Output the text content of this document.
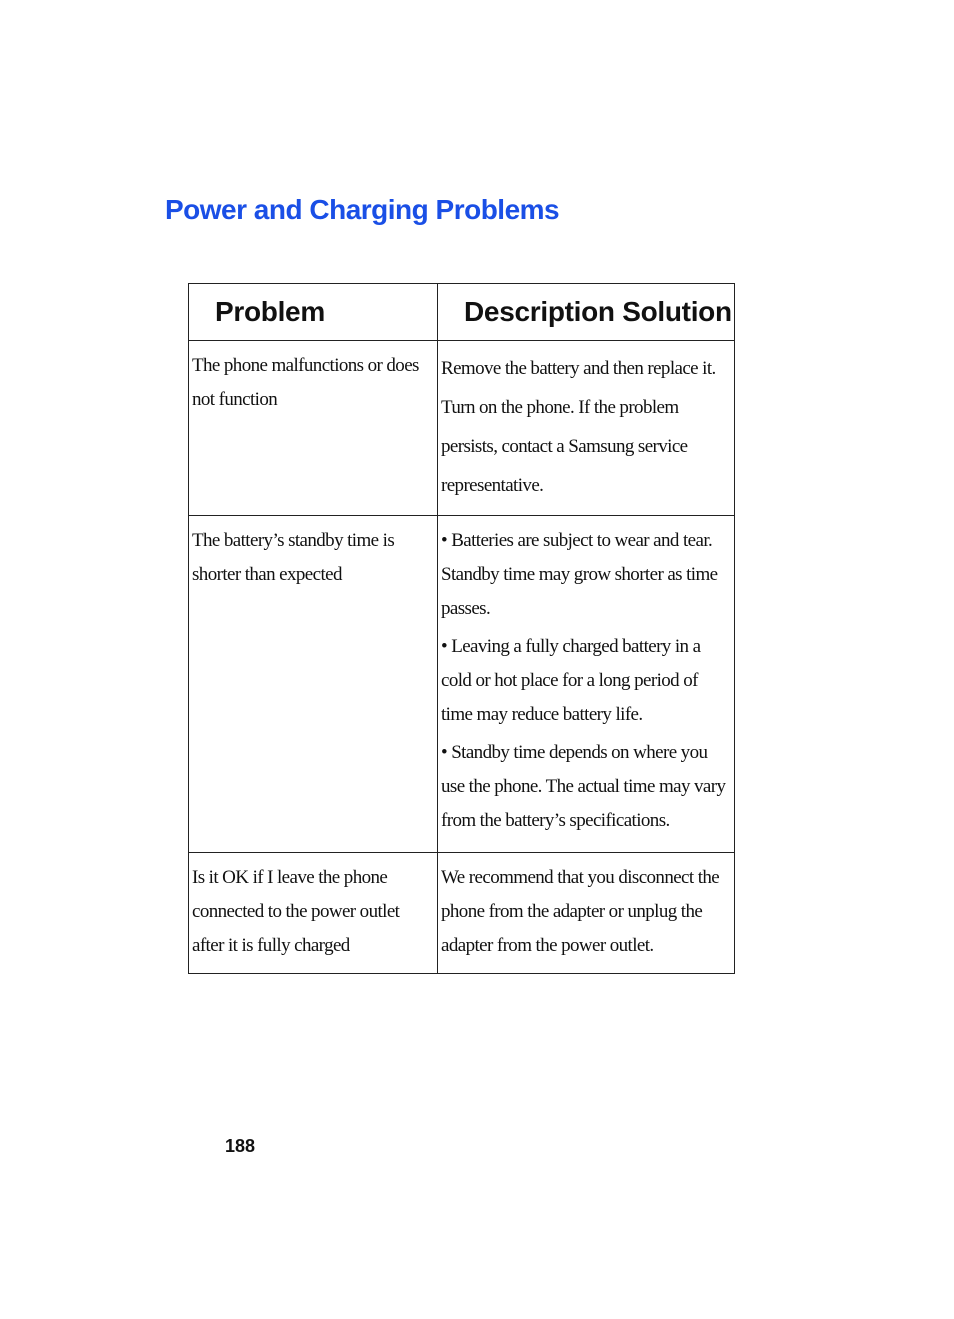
Power and Charging Problems
Problem	Description Solution

The phone malfunctions or does not function	Remove the battery and then replace it. Turn on the phone. If the problem persists, contact a Samsung service representative.

The battery’s standby time is shorter than expected	• Batteries are subject to wear and tear. Standby time may grow shorter as time passes.

• Leaving a fully charged battery in a cold or hot place for a long period of time may reduce battery life.

• Standby time depends on where you use the phone. The actual time may vary from the battery’s specifications.

Is it OK if I leave the phone connected to the power outlet after it is fully charged	We recommend that you disconnect the phone from the adapter or unplug the adapter from the power outlet.
188
